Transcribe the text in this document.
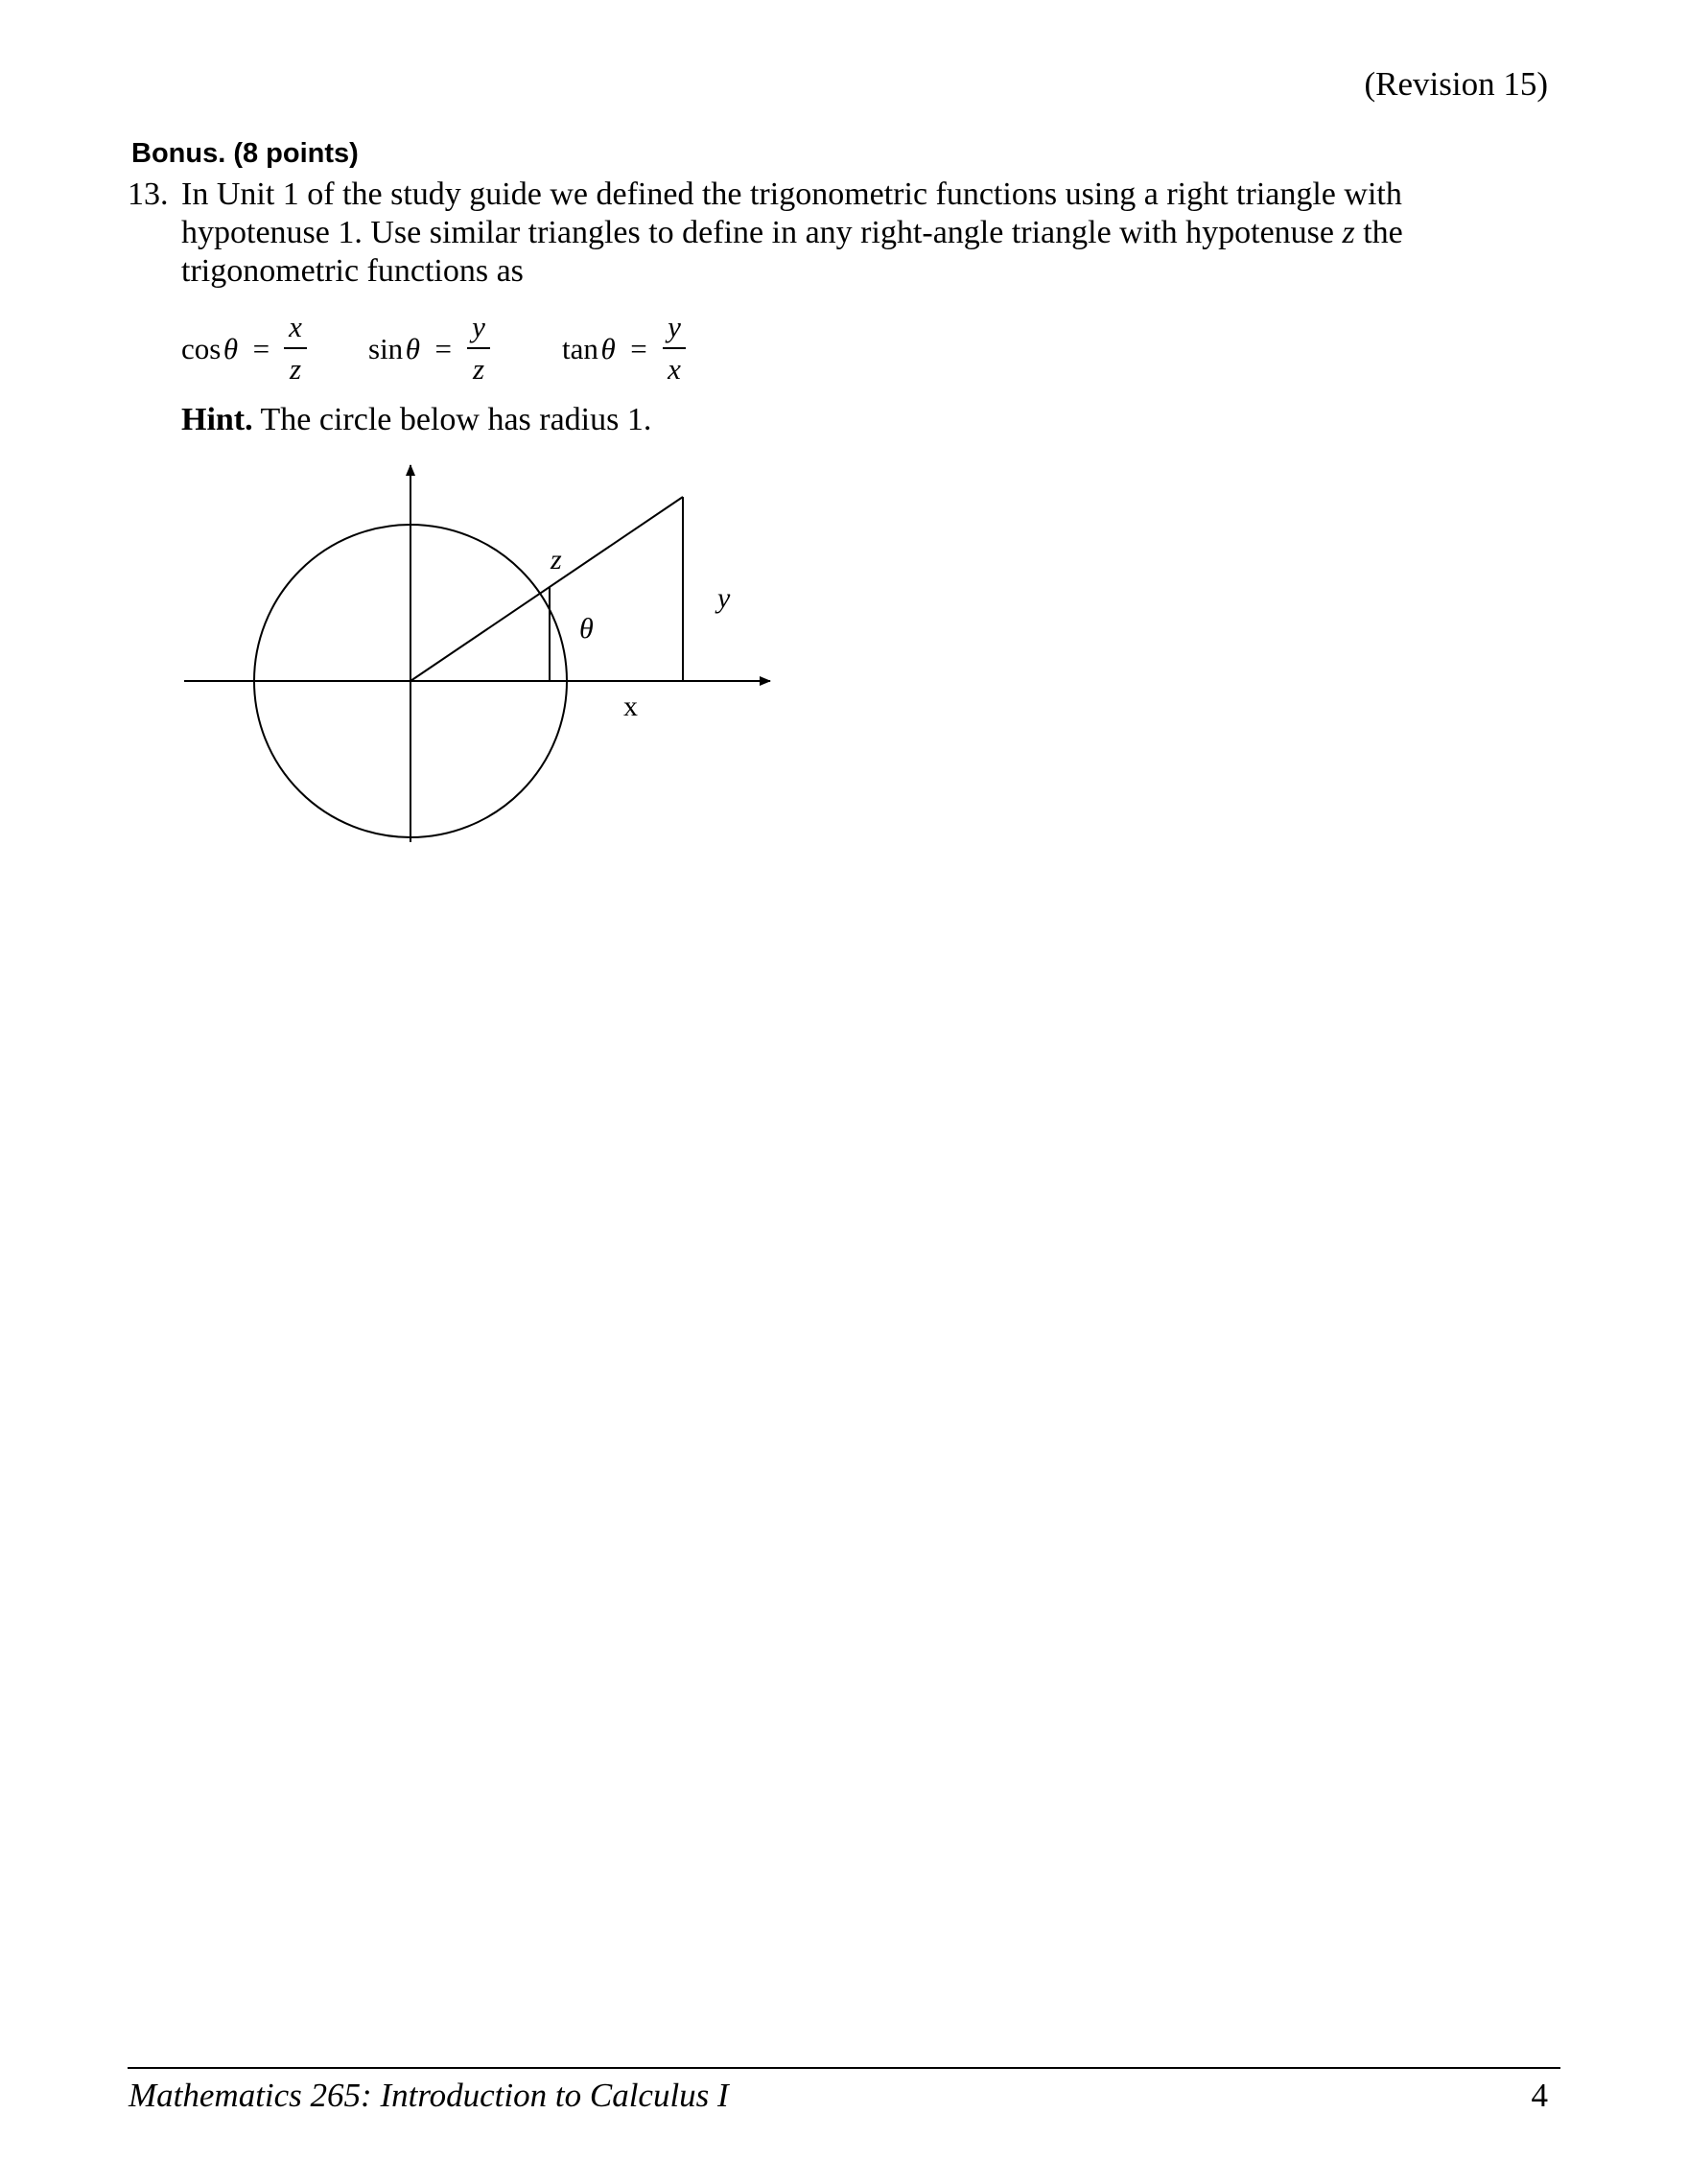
(Revision 15)
Bonus. (8 points)
13. In Unit 1 of the study guide we defined the trigonometric functions using a right triangle with hypotenuse 1. Use similar triangles to define in any right-angle triangle with hypotenuse z the trigonometric functions as
cos θ =
x
z
sin θ =
y
z
tan θ =
y
x
Hint. The circle below has radius 1.
z
θ
y
x
Mathematics 265: Introduction to Calculus I	4
